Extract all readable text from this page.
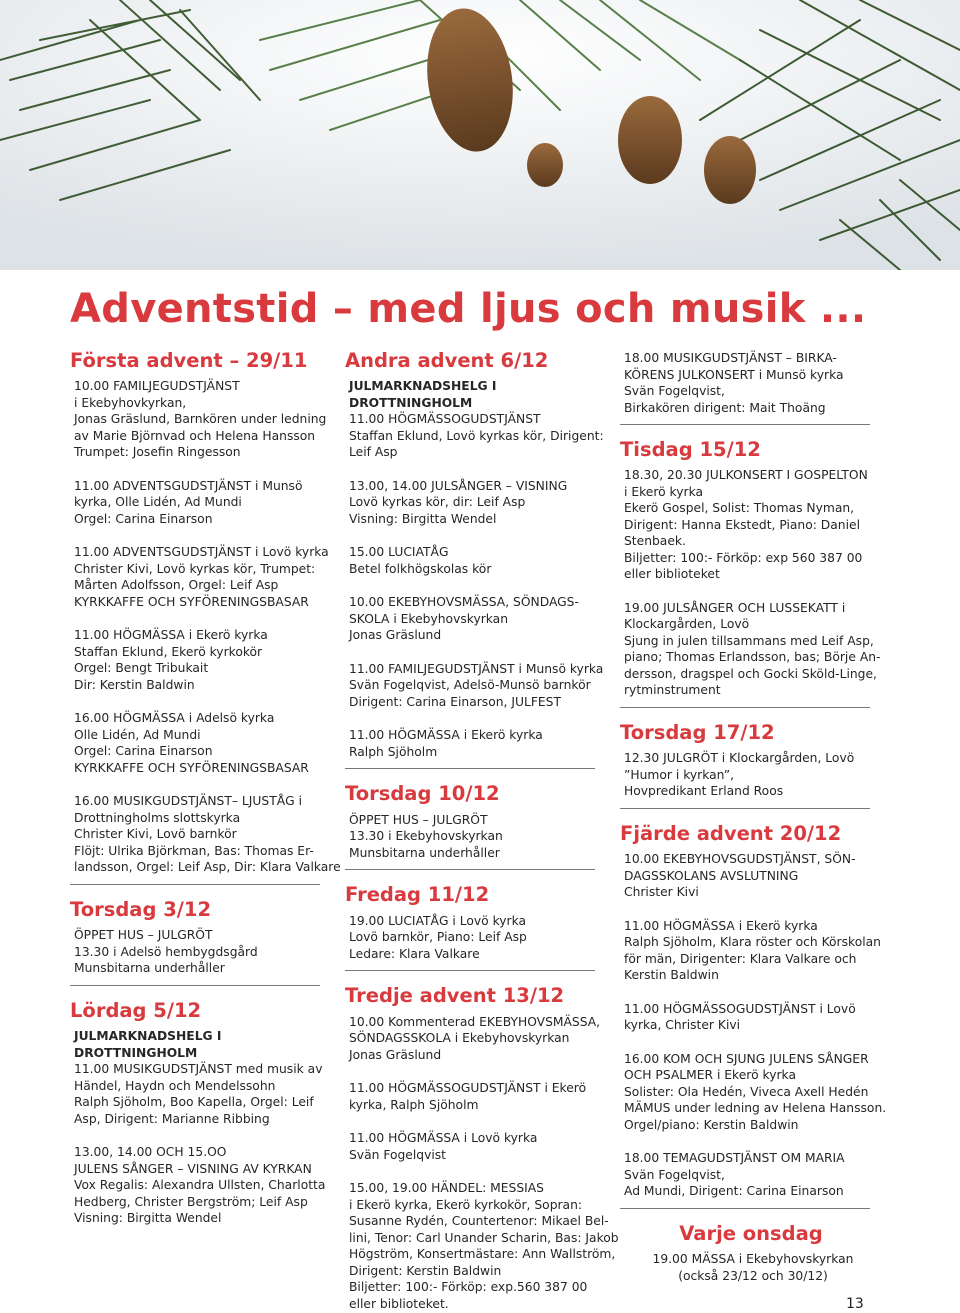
Adventstid – med ljus och musik ...
Första advent – 29/11
10.00 FAMILJEGUDSTJÄNST
i Ekebyhovkyrkan,
Jonas Gräslund, Barnkören under ledning
av Marie Björnvad och Helena Hansson
Trumpet: Josefin Ringesson
11.00 ADVENTSGUDSTJÄNST i Munsö
kyrka, Olle Lidén, Ad Mundi
Orgel: Carina Einarson
11.00 ADVENTSGUDSTJÄNST i Lovö kyrka
Christer Kivi, Lovö kyrkas kör, Trumpet:
Mårten Adolfsson, Orgel: Leif Asp
KYRKKAFFE OCH SYFÖRENINGSBASAR
11.00 HÖGMÄSSA i Ekerö kyrka
Staffan Eklund, Ekerö kyrkokör
Orgel: Bengt Tribukait
Dir: Kerstin Baldwin
16.00 HÖGMÄSSA i Adelsö kyrka
Olle Lidén, Ad Mundi
Orgel: Carina Einarson
KYRKKAFFE OCH SYFÖRENINGSBASAR
16.00 MUSIKGUDSTJÄNST– LJUSTÅG i
Drottningholms slottskyrka
Christer Kivi, Lovö barnkör
Flöjt: Ulrika Björkman, Bas: Thomas Er-
landsson, Orgel: Leif Asp, Dir: Klara Valkare
Torsdag 3/12
ÖPPET HUS – JULGRÖT
13.30 i Adelsö hembygdsgård
Munsbitarna underhåller
Lördag 5/12
JULMARKNADSHELG I DROTTNINGHOLM
11.00 MUSIKGUDSTJÄNST med musik av
Händel, Haydn och Mendelssohn
Ralph Sjöholm, Boo Kapella, Orgel: Leif
Asp, Dirigent: Marianne Ribbing
13.00, 14.00 OCH 15.OO
JULENS SÅNGER – VISNING AV KYRKAN
Vox Regalis: Alexandra Ullsten, Charlotta
Hedberg, Christer Bergström; Leif Asp
Visning: Birgitta Wendel
Andra advent 6/12
JULMARKNADSHELG I DROTTNINGHOLM
11.00 HÖGMÄSSOGUDSTJÄNST
Staffan Eklund, Lovö kyrkas kör, Dirigent:
Leif Asp
13.00, 14.00 JULSÅNGER – VISNING
Lovö kyrkas kör, dir: Leif Asp
Visning: Birgitta Wendel
15.00 LUCIATÅG
Betel folkhögskolas kör
10.00 EKEBYHOVSMÄSSA, SÖNDAGS-
SKOLA i Ekebyhovskyrkan
Jonas Gräslund
11.00 FAMILJEGUDSTJÄNST i Munsö kyrka
Svän Fogelqvist, Adelsö-Munsö barnkör
Dirigent: Carina Einarson, JULFEST
11.00 HÖGMÄSSA i Ekerö kyrka
Ralph Sjöholm
Torsdag 10/12
ÖPPET HUS – JULGRÖT
13.30 i Ekebyhovskyrkan
Munsbitarna underhåller
Fredag 11/12
19.00 LUCIATÅG i Lovö kyrka
Lovö barnkör, Piano: Leif Asp
Ledare: Klara Valkare
Tredje advent 13/12
10.00 Kommenterad EKEBYHOVSMÄSSA,
SÖNDAGSSKOLA i Ekebyhovskyrkan
Jonas Gräslund
11.00 HÖGMÄSSOGUDSTJÄNST i Ekerö
kyrka, Ralph Sjöholm
11.00 HÖGMÄSSA i Lovö kyrka
Svän Fogelqvist
15.00, 19.00 HÄNDEL: MESSIAS
i Ekerö kyrka, Ekerö kyrkokör, Sopran:
Susanne Rydén, Countertenor: Mikael Bel-
lini, Tenor: Carl Unander Scharin, Bas: Jakob
Högström, Konsertmästare: Ann Wallström,
Dirigent: Kerstin Baldwin
Biljetter: 100:- Förköp: exp.560 387 00
eller biblioteket.
18.00 MUSIKGUDSTJÄNST – BIRKA-
KÖRENS JULKONSERT i Munsö kyrka
Svän Fogelqvist,
Birkakören dirigent: Mait Thoäng
Tisdag 15/12
18.30, 20.30 JULKONSERT I GOSPELTON
i Ekerö kyrka
Ekerö Gospel, Solist: Thomas Nyman,
Dirigent: Hanna Ekstedt, Piano: Daniel
Stenbaek.
Biljetter: 100:- Förköp: exp 560 387 00
eller biblioteket
19.00 JULSÅNGER OCH LUSSEKATT i
Klockargården, Lovö
Sjung in julen tillsammans med Leif Asp,
piano; Thomas Erlandsson, bas; Börje An-
dersson, dragspel och Gocki Sköld-Linge,
rytminstrument
Torsdag 17/12
12.30 JULGRÖT i Klockargården, Lovö
”Humor i kyrkan”,
Hovpredikant Erland Roos
Fjärde advent 20/12
10.00 EKEBYHOVSGUDSTJÄNST, SÖN-
DAGSSKOLANS AVSLUTNING
Christer Kivi
11.00 HÖGMÄSSA i Ekerö kyrka
Ralph Sjöholm, Klara röster och Körskolan
för män, Dirigenter: Klara Valkare och
Kerstin Baldwin
11.00 HÖGMÄSSOGUDSTJÄNST i Lovö
kyrka, Christer Kivi
16.00 KOM OCH SJUNG JULENS SÅNGER
OCH PSALMER i Ekerö kyrka
Solister: Ola Hedén, Viveca Axell Hedén
MÄMUS under ledning av Helena Hansson.
Orgel/piano: Kerstin Baldwin
18.00 TEMAGUDSTJÄNST OM MARIA
Svän Fogelqvist,
Ad Mundi, Dirigent: Carina Einarson
Varje onsdag
19.00 MÄSSA i Ekebyhovskyrkan
(också 23/12 och 30/12)
13
